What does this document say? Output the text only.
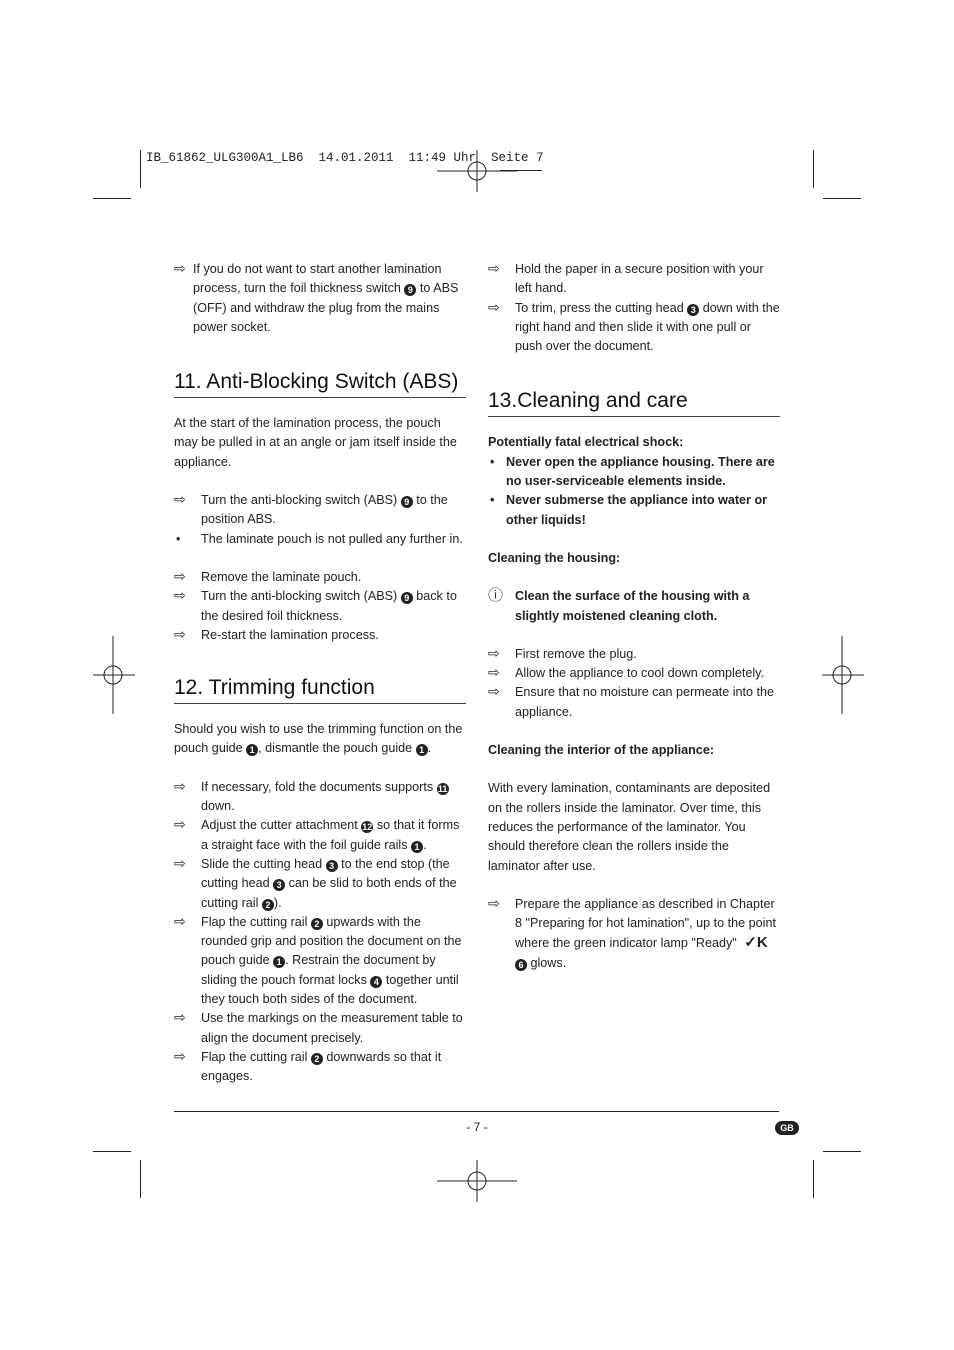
IB_61862_ULG300A1_LB6  14.01.2011  11:49 Uhr  Seite 7
⇨ If you do not want to start another lamination process, turn the foil thickness switch 9 to ABS (OFF) and withdraw the plug from the mains power socket.
11. Anti-Blocking Switch (ABS)

At the start of the lamination process, the pouch may be pulled in at an angle or jam itself inside the appliance.

⇨ Turn the anti-blocking switch (ABS) 9 to the position ABS.
• The laminate pouch is not pulled any further in.
⇨ Remove the laminate pouch.
⇨ Turn the anti-blocking switch (ABS) 9 back to the desired foil thickness.
⇨ Re-start the lamination process.
12. Trimming function

Should you wish to use the trimming function on the pouch guide 1 , dismantle the pouch guide 1 .

⇨ If necessary, fold the documents supports 11 down.
⇨ Adjust the cutter attachment 12 so that it forms a straight face with the foil guide rails 1 .
⇨ Slide the cutting head 3 to the end stop (the cutting head 3 can be slid to both ends of the cutting rail 2 ).
⇨ Flap the cutting rail 2 upwards with the rounded grip and position the document on the pouch guide 1 . Restrain the document by sliding the pouch format locks 4 together until they touch both sides of the document.
⇨ Use the markings on the measurement table to align the document precisely.
⇨ Flap the cutting rail 2 downwards so that it engages.
⇨ Hold the paper in a secure position with your left hand.
⇨ To trim, press the cutting head 3 down with the right hand and then slide it with one pull or push over the document.
13.Cleaning and care

Potentially fatal electrical shock:

• Never open the appliance housing. There are no user-serviceable elements inside.
• Never submerse the appliance into water or other liquids!

Cleaning the housing:

ⓘ Clean the surface of the housing with a slightly moistened cleaning cloth.
⇨ First remove the plug.
⇨ Allow the appliance to cool down completely.
⇨ Ensure that no moisture can permeate into the appliance.

Cleaning the interior of the appliance:

With every lamination, contaminants are deposited on the rollers inside the laminator. Over time, this reduces the performance of the laminator. You should therefore clean the rollers inside the laminator after use.

⇨ Prepare the appliance as described in Chapter 8 "Preparing for hot lamination", up to the point where the green indicator lamp "Ready" ✓K 6 glows.
- 7 -	GB
